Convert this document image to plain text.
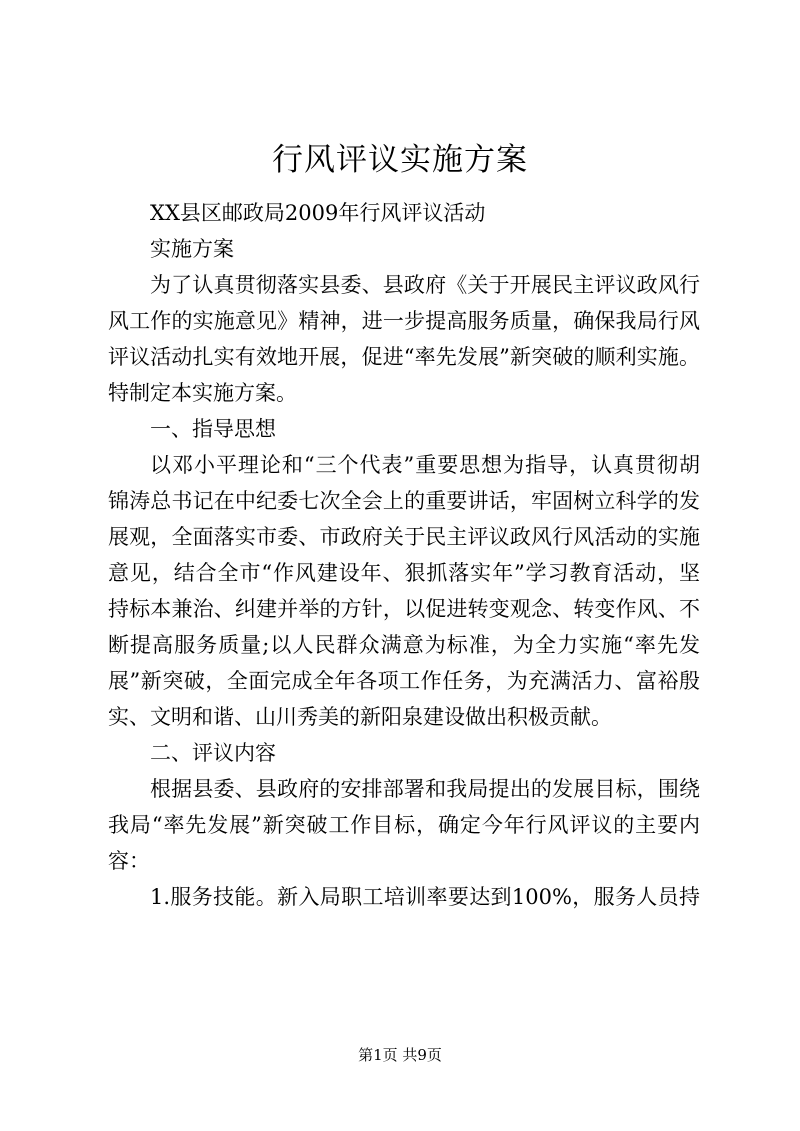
行风评议实施方案
XX县区邮政局2009年行风评议活动
实施方案
为了认真贯彻落实县委、县政府《关于开展民主评议政风行
风工作的实施意见》精神，进一步提高服务质量，确保我局行风
评议活动扎实有效地开展，促进“率先发展”新突破的顺利实施。
特制定本实施方案。
一、指导思想
以邓小平理论和“三个代表”重要思想为指导，认真贯彻胡
锦涛总书记在中纪委七次全会上的重要讲话，牢固树立科学的发
展观，全面落实市委、市政府关于民主评议政风行风活动的实施
意见，结合全市“作风建设年、狠抓落实年”学习教育活动，坚
持标本兼治、纠建并举的方针，以促进转变观念、转变作风、不
断提高服务质量;以人民群众满意为标准，为全力实施“率先发
展”新突破，全面完成全年各项工作任务，为充满活力、富裕殷
实、文明和谐、山川秀美的新阳泉建设做出积极贡献。
二、评议内容
根据县委、县政府的安排部署和我局提出的发展目标，围绕
我局“率先发展”新突破工作目标，确定今年行风评议的主要内
容：
1.服务技能。新入局职工培训率要达到100%，服务人员持
第1页 共9页
